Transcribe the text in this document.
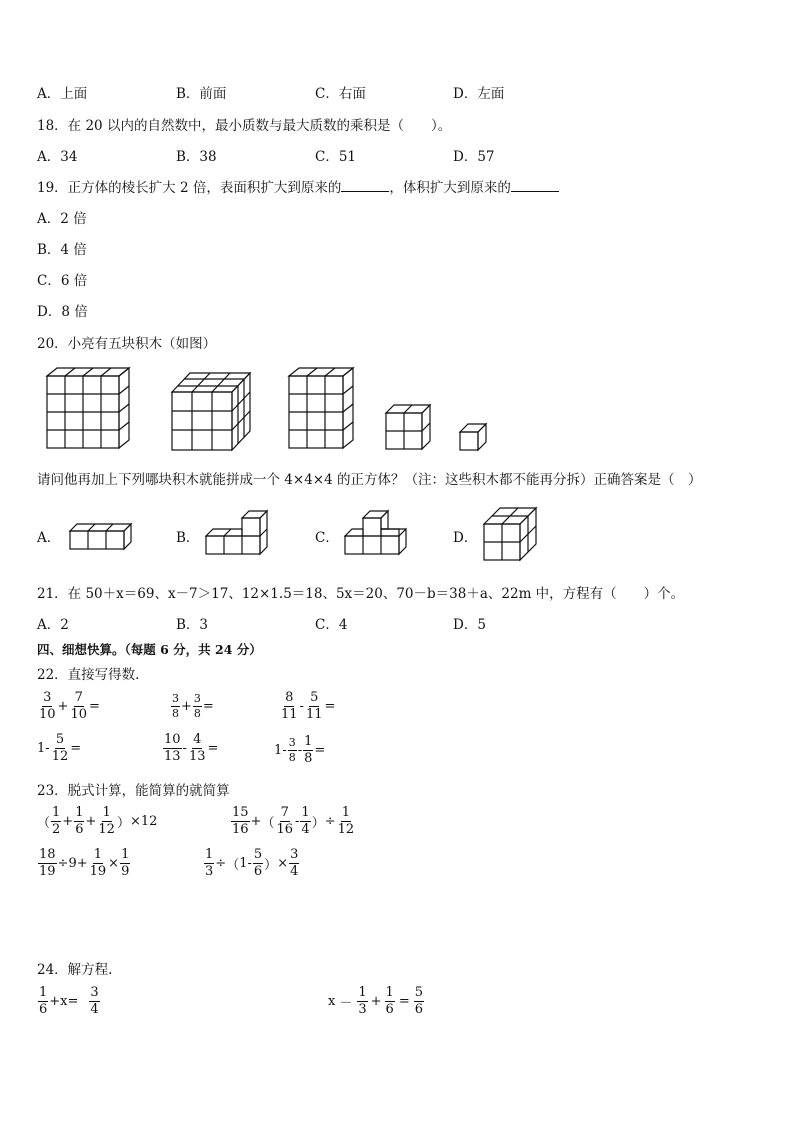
A．上面	B．前面	C．右面	D．左面
18．在 20 以内的自然数中，最小质数与最大质数的乘积是（　　）。
A．34	B．38	C．51	D．57
19．正方体的棱长扩大 2 倍，表面积扩大到原来的	，体积扩大到原来的
A．2 倍
B．4 倍
C．6 倍
D．8 倍
20．小亮有五块积木（如图）
请问他再加上下列哪块积木就能拼成一个 4×4×4 的正方体？（注：这些积木都不能再分拆）正确答案是（　）
A．	B．	C．	D．
21．在 50＋x＝69、x－7＞17、12×1.5＝18、5x＝20、70－b＝38＋a、22m 中，方程有（　　）个。
A．2	B．3	C．4	D．5
四、细想快算。（每题 6 分，共 24 分）
22．直接写得数.
$\frac{3}{10} + \frac{7}{10}$ =	$\frac{3}{8} + \frac{3}{8}$ =	$\frac{8}{11} - \frac{5}{11}$ =
$1 - \frac{5}{12}$ =	$\frac{10}{13} - \frac{4}{13}$ =	$1 - \frac{3}{8} - \frac{1}{8}$ =
23．脱式计算，能简算的就简算
（ $\frac{1}{2} + \frac{1}{6} + \frac{1}{12}$ ） ×12	$\frac{15}{16}$ + （ $\frac{7}{16} - \frac{1}{4}$ ） ÷ $\frac{1}{12}$
$\frac{18}{19} \div 9 + \frac{1}{19} \times \frac{1}{9}$	$\frac{1}{3}$ ÷ （ $1 - \frac{5}{6}$ ） × $\frac{3}{4}$
24．解方程.
$\frac{1}{6} +x= \frac{3}{4}$	$x - \frac{1}{3} + \frac{1}{6} = \frac{5}{6}$
